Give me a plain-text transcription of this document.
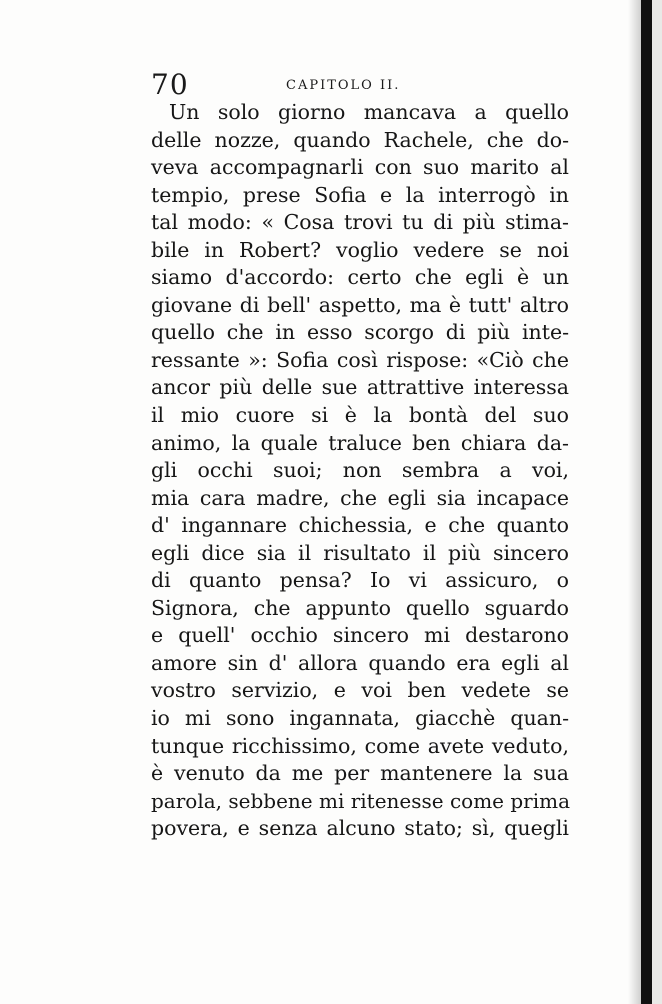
70	CAPITOLO II.
Un solo giorno mancava a quello
delle nozze, quando Rachele, che do-
veva accompagnarli con suo marito al
tempio, prese Sofia e la interrogò in
tal modo: « Cosa trovi tu di più stima-
bile in Robert? voglio vedere se noi
siamo d'accordo: certo che egli è un
giovane di bell' aspetto, ma è tutt' altro
quello che in esso scorgo di più inte-
ressante »: Sofia così rispose: «Ciò che
ancor più delle sue attrattive interessa
il mio cuore si è la bontà del suo
animo, la quale traluce ben chiara da-
gli occhi suoi; non sembra a voi,
mia cara madre, che egli sia incapace
d' ingannare chichessia, e che quanto
egli dice sia il risultato il più sincero
di quanto pensa? Io vi assicuro, o
Signora, che appunto quello sguardo
e quell' occhio sincero mi destarono
amore sin d' allora quando era egli al
vostro servizio, e voi ben vedete se
io mi sono ingannata, giacchè quan-
tunque ricchissimo, come avete veduto,
è venuto da me per mantenere la sua
parola, sebbene mi ritenesse come prima
povera, e senza alcuno stato; sì, quegli
